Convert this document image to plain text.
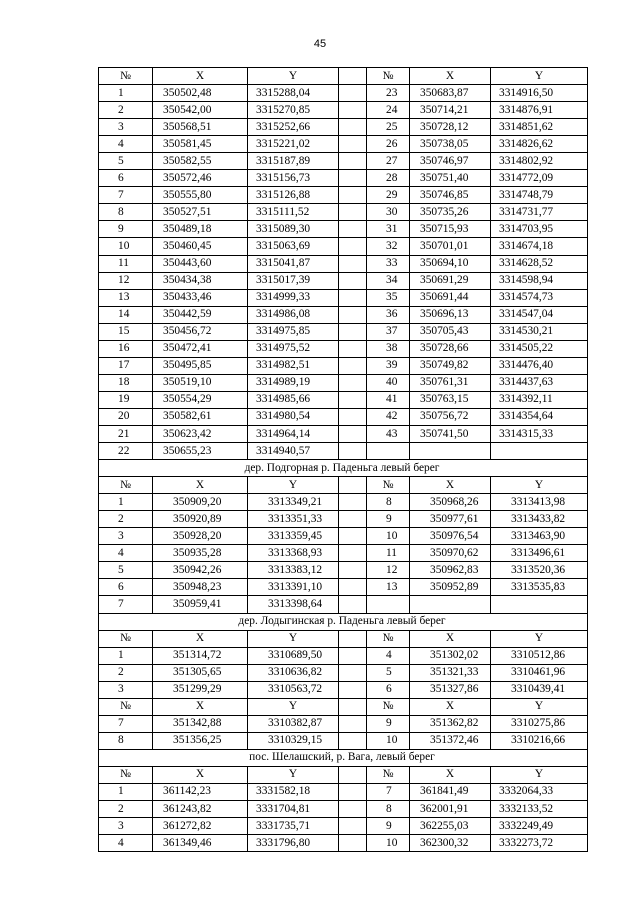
45
№	X	Y		№	X	Y
1	350502,48	3315288,04		23	350683,87	3314916,50
2	350542,00	3315270,85		24	350714,21	3314876,91
3	350568,51	3315252,66		25	350728,12	3314851,62
4	350581,45	3315221,02		26	350738,05	3314826,62
5	350582,55	3315187,89		27	350746,97	3314802,92
6	350572,46	3315156,73		28	350751,40	3314772,09
7	350555,80	3315126,88		29	350746,85	3314748,79
8	350527,51	3315111,52		30	350735,26	3314731,77
9	350489,18	3315089,30		31	350715,93	3314703,95
10	350460,45	3315063,69		32	350701,01	3314674,18
11	350443,60	3315041,87		33	350694,10	3314628,52
12	350434,38	3315017,39		34	350691,29	3314598,94
13	350433,46	3314999,33		35	350691,44	3314574,73
14	350442,59	3314986,08		36	350696,13	3314547,04
15	350456,72	3314975,85		37	350705,43	3314530,21
16	350472,41	3314975,52		38	350728,66	3314505,22
17	350495,85	3314982,51		39	350749,82	3314476,40
18	350519,10	3314989,19		40	350761,31	3314437,63
19	350554,29	3314985,66		41	350763,15	3314392,11
20	350582,61	3314980,54		42	350756,72	3314354,64
21	350623,42	3314964,14		43	350741,50	3314315,33
22	350655,23	3314940,57				
дер. Подгорная р. Паденьга левый берег						
№	X	Y		№	X	Y
1	350909,20	3313349,21		8	350968,26	3313413,98
2	350920,89	3313351,33		9	350977,61	3313433,82
3	350928,20	3313359,45		10	350976,54	3313463,90
4	350935,28	3313368,93		11	350970,62	3313496,61
5	350942,26	3313383,12		12	350962,83	3313520,36
6	350948,23	3313391,10		13	350952,89	3313535,83
7	350959,41	3313398,64				
дер. Лодыгинская р. Паденьга левый берег						
№	X	Y		№	X	Y
1	351314,72	3310689,50		4	351302,02	3310512,86
2	351305,65	3310636,82		5	351321,33	3310461,96
3	351299,29	3310563,72		6	351327,86	3310439,41
№	X	Y		№	X	Y
7	351342,88	3310382,87		9	351362,82	3310275,86
8	351356,25	3310329,15		10	351372,46	3310216,66
пос. Шелашский, р. Вага, левый берег						
№	X	Y		№	X	Y
1	361142,23	3331582,18		7	361841,49	3332064,33
2	361243,82	3331704,81		8	362001,91	3332133,52
3	361272,82	3331735,71		9	362255,03	3332249,49
4	361349,46	3331796,80		10	362300,32	3332273,72
